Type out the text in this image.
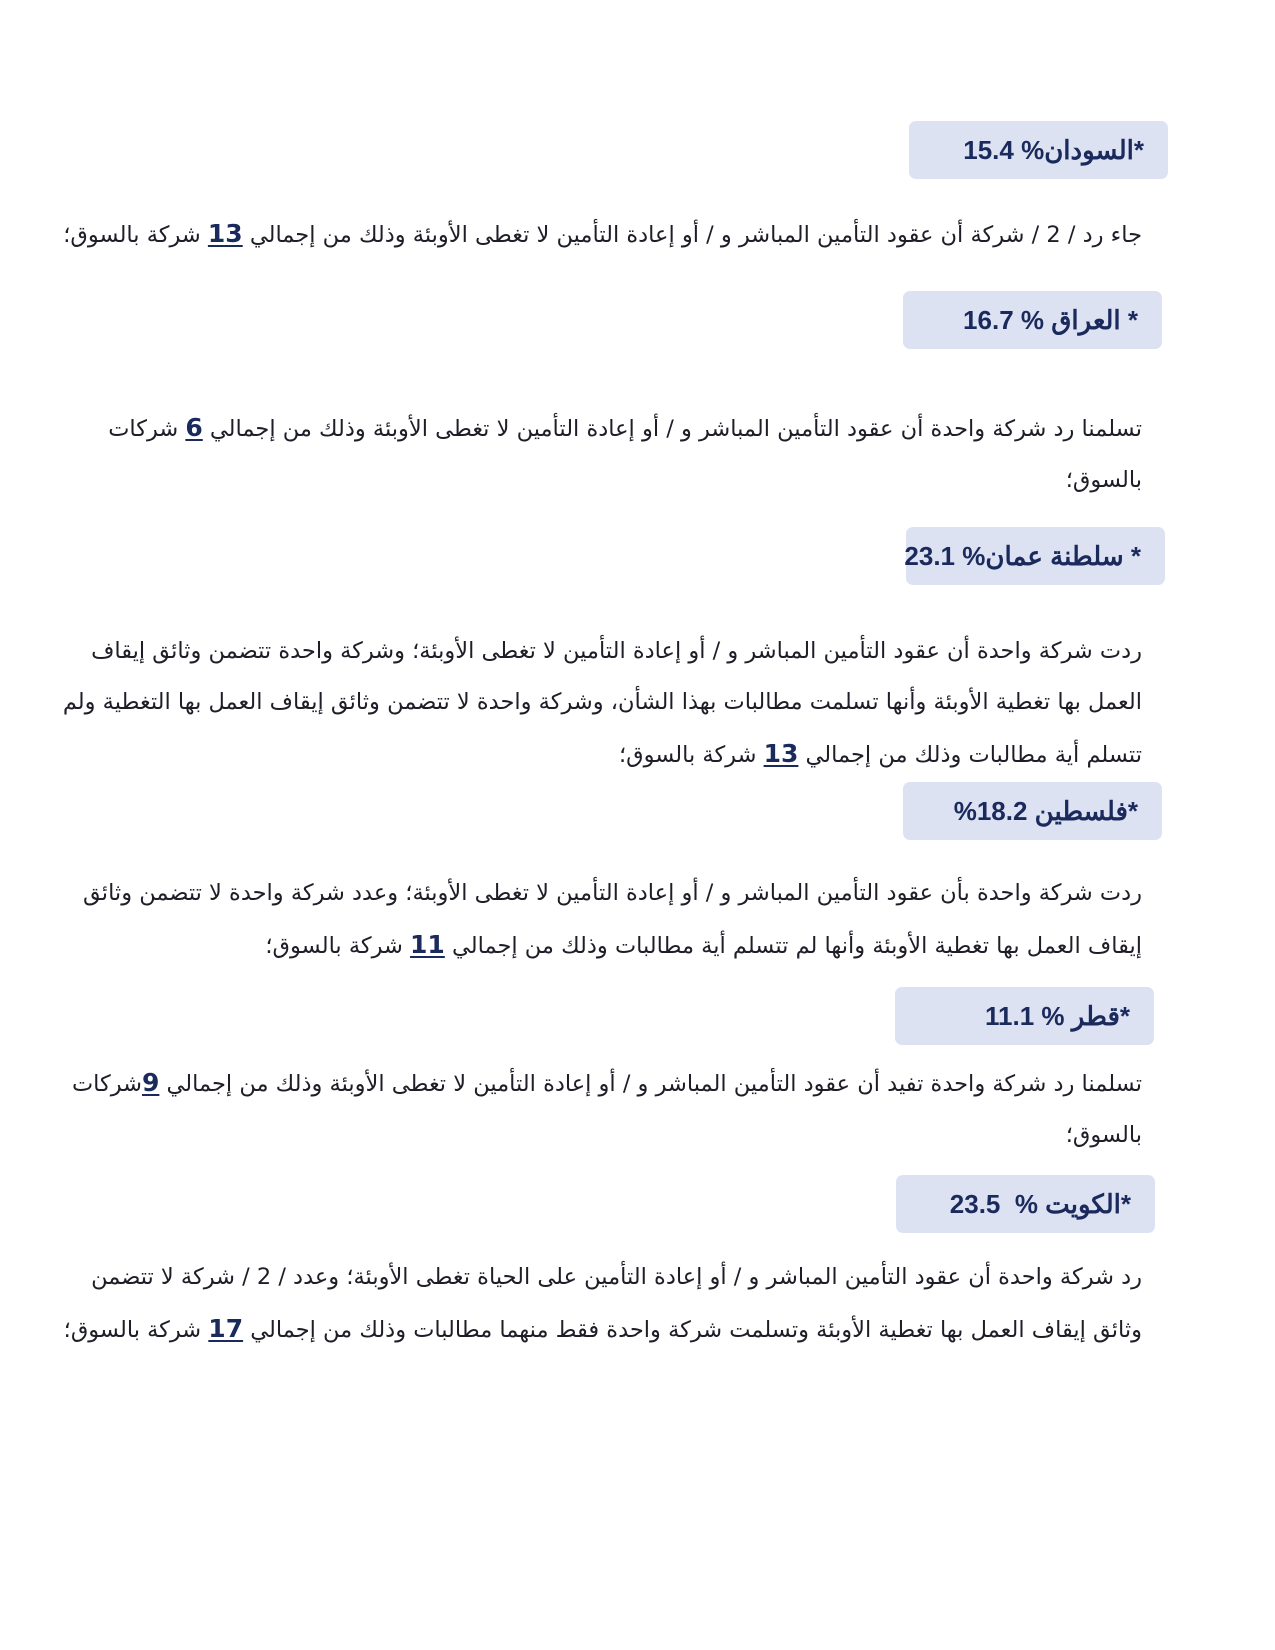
*السودان% 15.4
جاء رد / 2 / شركة أن عقود التأمين المباشر و / أو إعادة التأمين لا تغطى الأوبئة وذلك من إجمالي 13 شركة بالسوق؛
* العراق % 16.7
تسلمنا رد شركة واحدة أن عقود التأمين المباشر و / أو إعادة التأمين لا تغطى الأوبئة وذلك من إجمالي 6 شركات
بالسوق؛
* سلطنة عمان% 23.1
ردت شركة واحدة أن عقود التأمين المباشر و / أو إعادة التأمين لا تغطى الأوبئة؛ وشركة واحدة تتضمن وثائق إيقاف
العمل بها تغطية الأوبئة وأنها تسلمت مطالبات بهذا الشأن، وشركة واحدة لا تتضمن وثائق إيقاف العمل بها التغطية ولم
تتسلم أية مطالبات وذلك من إجمالي 13 شركة بالسوق؛
*فلسطين 18.2%
ردت شركة واحدة بأن عقود التأمين المباشر و / أو إعادة التأمين لا تغطى الأوبئة؛ وعدد شركة واحدة لا تتضمن وثائق
إيقاف العمل بها تغطية الأوبئة وأنها لم تتسلم أية مطالبات وذلك من إجمالي 11 شركة بالسوق؛
*قطر % 11.1
تسلمنا رد شركة واحدة تفيد أن عقود التأمين المباشر و / أو إعادة التأمين لا تغطى الأوبئة وذلك من إجمالي 9شركات
بالسوق؛
*الكويت %  23.5
رد شركة واحدة أن عقود التأمين المباشر و / أو إعادة التأمين على الحياة تغطى الأوبئة؛ وعدد / 2 / شركة لا تتضمن
وثائق إيقاف العمل بها تغطية الأوبئة وتسلمت شركة واحدة فقط منهما مطالبات وذلك من إجمالي 17 شركة بالسوق؛
